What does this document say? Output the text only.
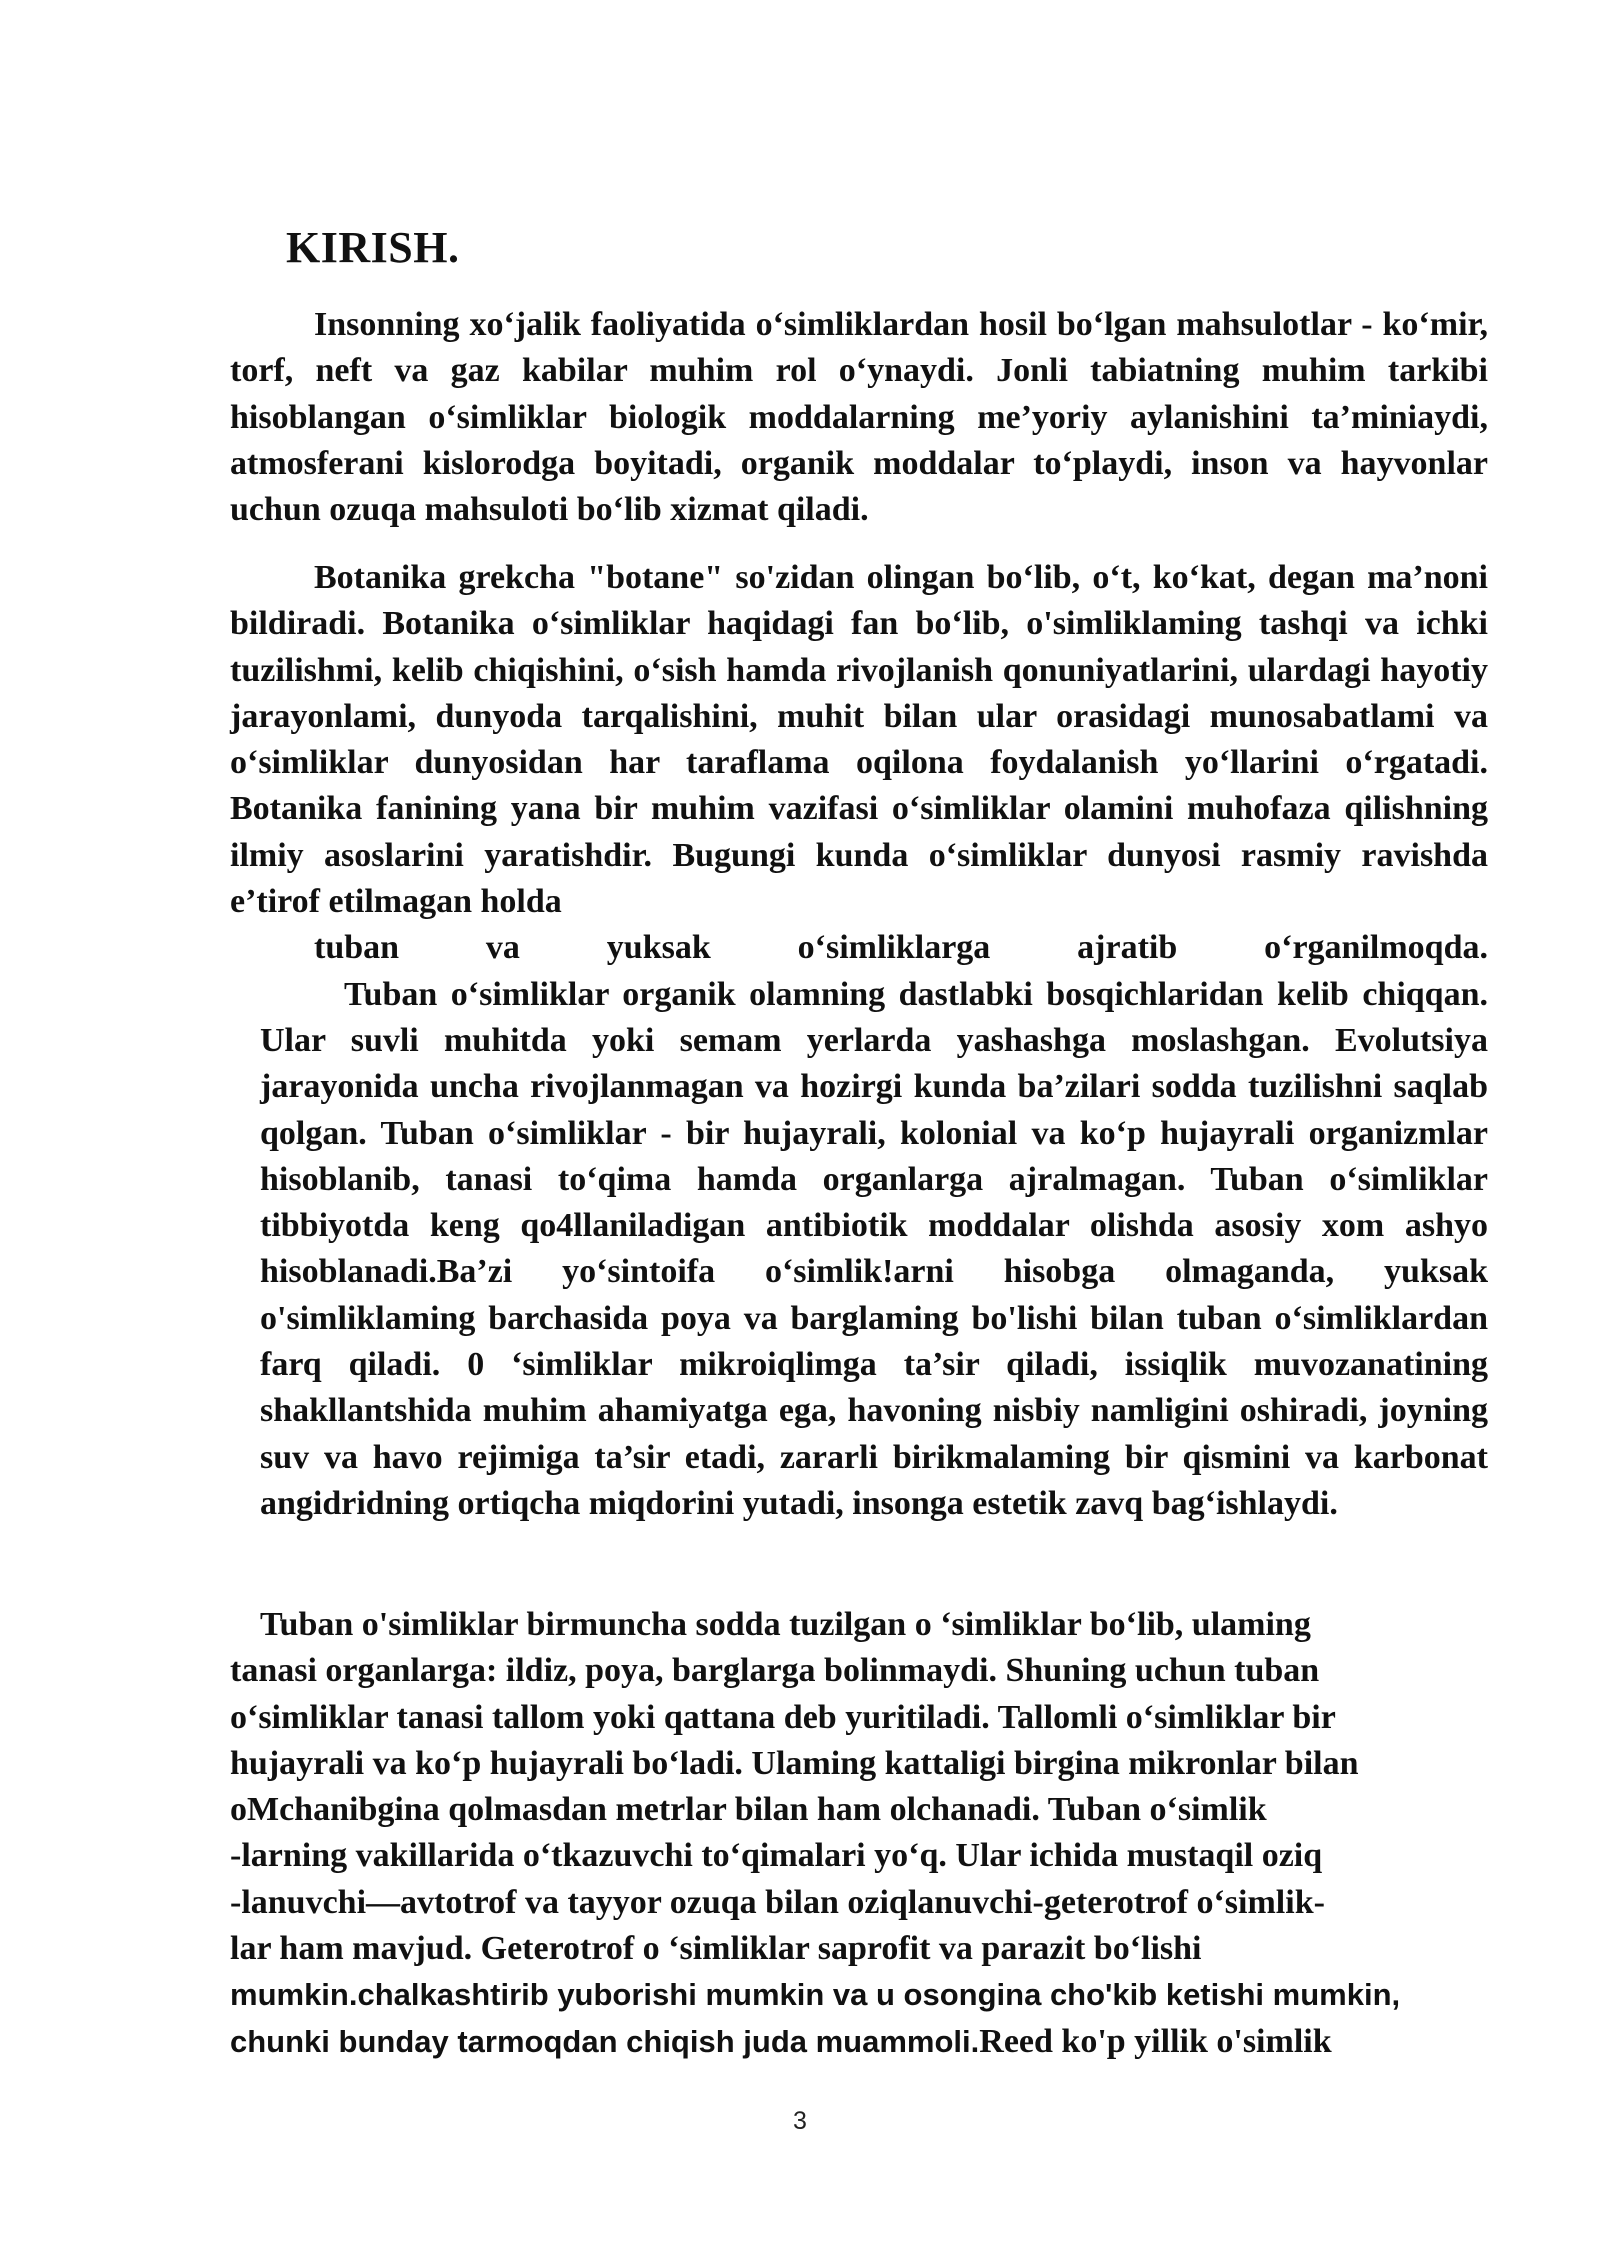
KIRISH.

Insonning xo‘jalik faoliyatida o‘simliklardan hosil bo‘lgan mahsulotlar - ko‘mir, torf, neft va gaz kabilar muhim rol o‘ynaydi. Jonli tabiatning muhim tarkibi hisoblangan o‘simliklar biologik moddalarning me’yoriy aylanishini ta’miniaydi, atmosferani kislorodga boyitadi, organik moddalar to‘playdi, inson va hayvonlar uchun ozuqa mahsuloti bo‘lib xizmat qiladi.

Botanika grekcha "botane" so'zidan olingan bo‘lib, o‘t, ko‘kat, degan ma’noni bildiradi. Botanika o‘simliklar haqidagi fan bo‘lib, o'simliklaming tashqi va ichki tuzilishmi, kelib chiqishini, o‘sish hamda rivojlanish qonuniyatlarini, ulardagi hayotiy jarayonlami, dunyoda tarqalishini, muhit bilan ular orasidagi munosabatlami va o‘simliklar dunyosidan har taraflama oqilona foydalanish yo‘llarini o‘rgatadi. Botanika fanining yana bir muhim vazifasi o‘simliklar olamini muhofaza qilishning ilmiy asoslarini yaratishdir. Bugungi kunda o‘simliklar dunyosi rasmiy ravishda e’tirof etilmagan holda
tuban va yuksak o‘simliklarga ajratib o‘rganilmoqda.
Tuban o‘simliklar organik olamning dastlabki bosqichlaridan kelib chiqqan. Ular suvli muhitda yoki semam yerlarda yashashga moslashgan. Evolutsiya jarayonida uncha rivojlanmagan va hozirgi kunda ba’zilari sodda tuzilishni saqlab qolgan. Tuban o‘simliklar - bir hujayrali, kolonial va ko‘p hujayrali organizmlar hisoblanib, tanasi to‘qima hamda organlarga ajralmagan. Tuban o‘simliklar tibbiyotda keng qo4llaniladigan antibiotik moddalar olishda asosiy xom ashyo hisoblanadi.Ba’zi yo‘sintoifa o‘simlik!arni hisobga olmaganda, yuksak o'simliklaming barchasida poya va barglaming bo'lishi bilan tuban o‘simliklardan farq qiladi. 0 ‘simliklar mikroiqlimga ta’sir qiladi, issiqlik muvozanatining shakllantshida muhim ahamiyatga ega, havoning nisbiy namligini oshiradi, joyning suv va havo rejimiga ta’sir etadi, zararli birikmalaming bir qismini va karbonat angidridning ortiqcha miqdorini yutadi, insonga estetik zavq bag‘ishlaydi.
Tuban o'simliklar birmuncha sodda tuzilgan o ‘simliklar bo‘lib, ulaming
tanasi organlarga: ildiz, poya, barglarga bolinmaydi. Shuning uchun tuban
o‘simliklar tanasi tallom yoki qattana deb yuritiladi. Tallomli o‘simliklar bir
hujayrali va ko‘p hujayrali bo‘ladi. Ulaming kattaligi birgina mikronlar bilan
oMchanibgina qolmasdan metrlar bilan ham olchanadi. Tuban o‘simlik
-larning vakillarida o‘tkazuvchi to‘qimalari yo‘q. Ular ichida mustaqil oziq
-lanuvchi—avtotrof va tayyor ozuqa bilan oziqlanuvchi-geterotrof o‘simlik-
lar ham mavjud. Geterotrof o ‘simliklar saprofit va parazit bo‘lishi
mumkin.chalkashtirib yuborishi mumkin va u osongina cho'kib ketishi mumkin,
chunki bunday tarmoqdan chiqish juda muammoli.Reed ko'p yillik o'simlik
3
